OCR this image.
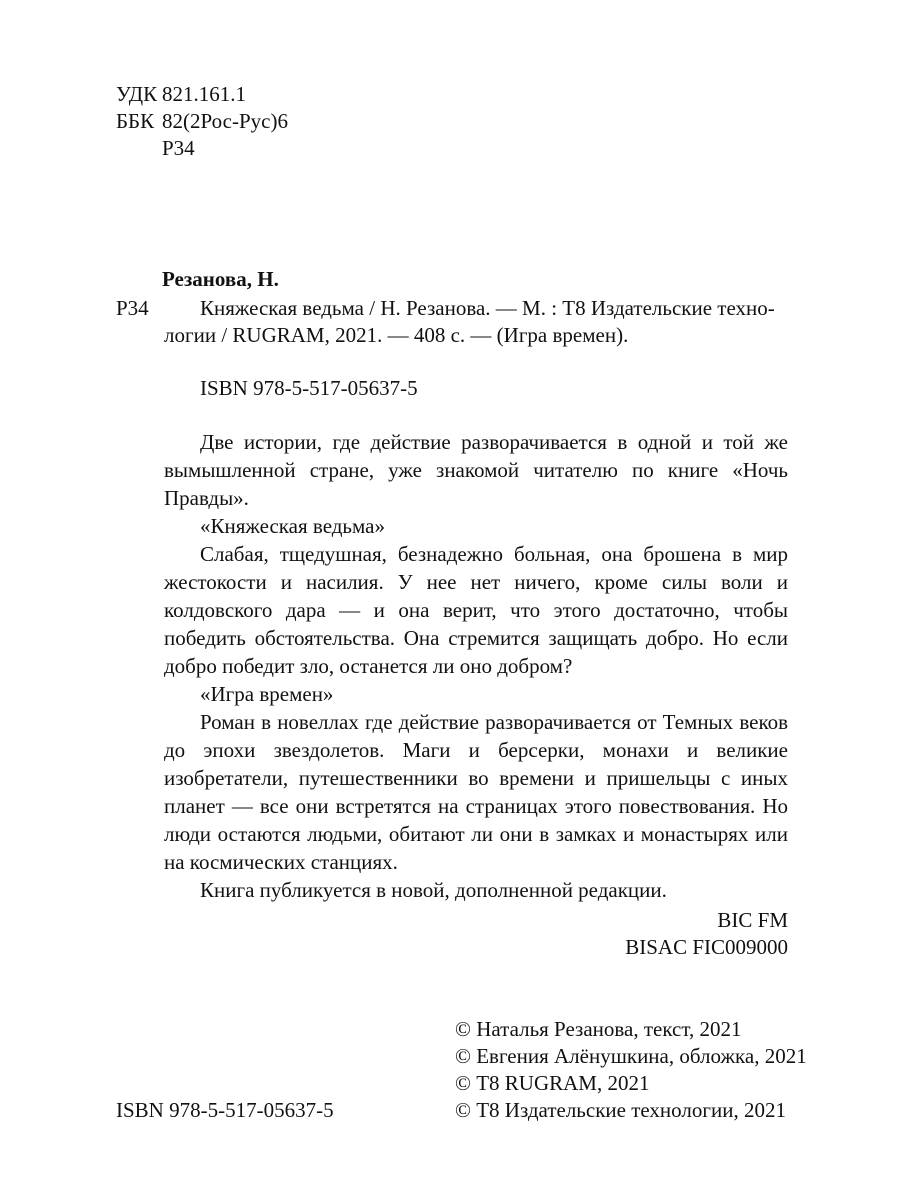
УДК 821.161.1
ББК 82(2Рос-Рус)6
Р34
Резанова, Н.
Р34 Княжеская ведьма / Н. Резанова. — М. : Т8 Издательские техно-
логии / RUGRAM, 2021. — 408 с. — (Игра времен).
ISBN 978-5-517-05637-5

Две истории, где действие разворачивается в одной и той же вымышленной стране, уже знакомой читателю по книге «Ночь Правды».

«Княжеская ведьма»

Слабая, тщедушная, безнадежно больная, она брошена в мир жестокости и насилия. У нее нет ничего, кроме силы воли и колдовского дара — и она верит, что этого достаточно, чтобы победить обстоятельства. Она стремится защищать добро. Но если добро победит зло, останется ли оно добром?

«Игра времен»

Роман в новеллах где действие разворачивается от Темных веков до эпохи звездолетов. Маги и берсерки, монахи и великие изобретатели, путешественники во времени и пришельцы с иных планет — все они встретятся на страницах этого повествования. Но люди остаются людьми, обитают ли они в замках и монастырях или на космических станциях.

Книга публикуется в новой, дополненной редакции.

BIC FM
BISAC FIC009000
ISBN 978-5-517-05637-5
© Наталья Резанова, текст, 2021
© Евгения Алёнушкина, обложка, 2021
© Т8 RUGRAM, 2021
© Т8 Издательские технологии, 2021
